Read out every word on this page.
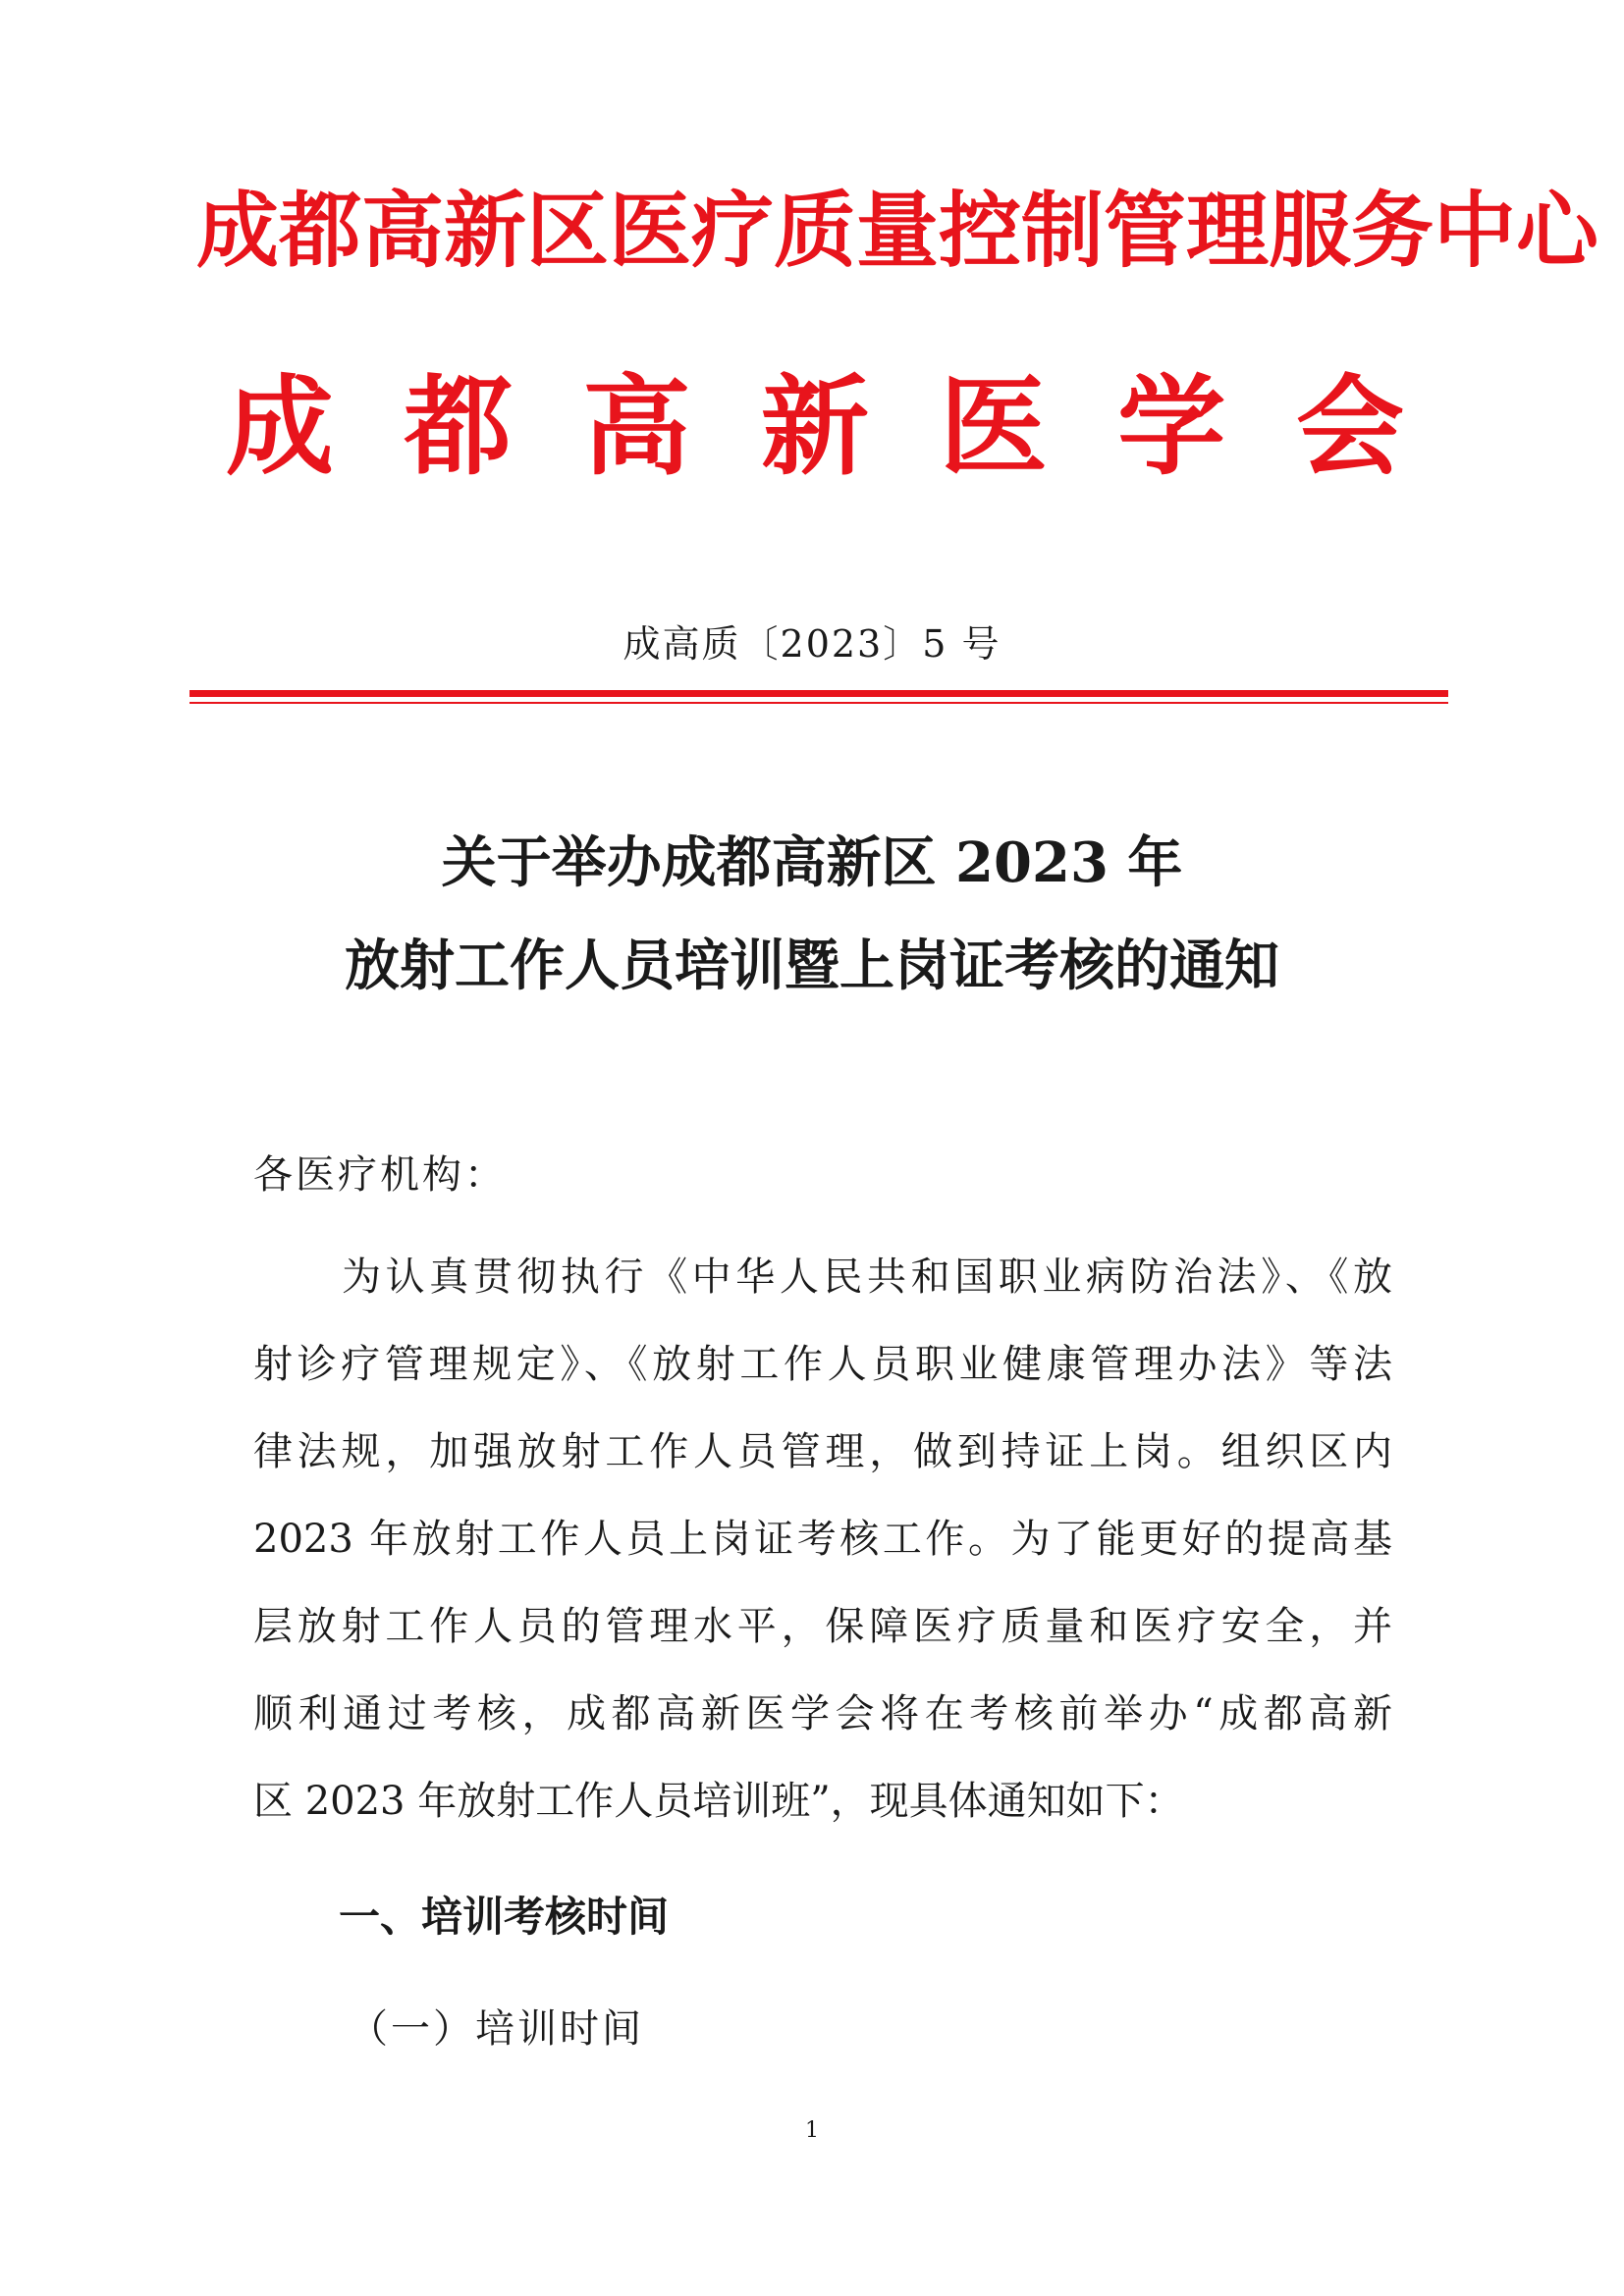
成都高新区医疗质量控制管理服务中心
成 都 高 新 医 学 会
成高质〔2023〕5 号
关于举办成都高新区 2023 年
放射工作人员培训暨上岗证考核的通知
各医疗机构：
为认真贯彻执行《中华人民共和国职业病防治法》、《放
射诊疗管理规定》、《放射工作人员职业健康管理办法》等法
律法规，加强放射工作人员管理，做到持证上岗。组织区内
2023 年放射工作人员上岗证考核工作。为了能更好的提高基
层放射工作人员的管理水平，保障医疗质量和医疗安全，并
顺利通过考核，成都高新医学会将在考核前举办“成都高新
区 2023 年放射工作人员培训班”，现具体通知如下：
一、培训考核时间
（一）培训时间
1
